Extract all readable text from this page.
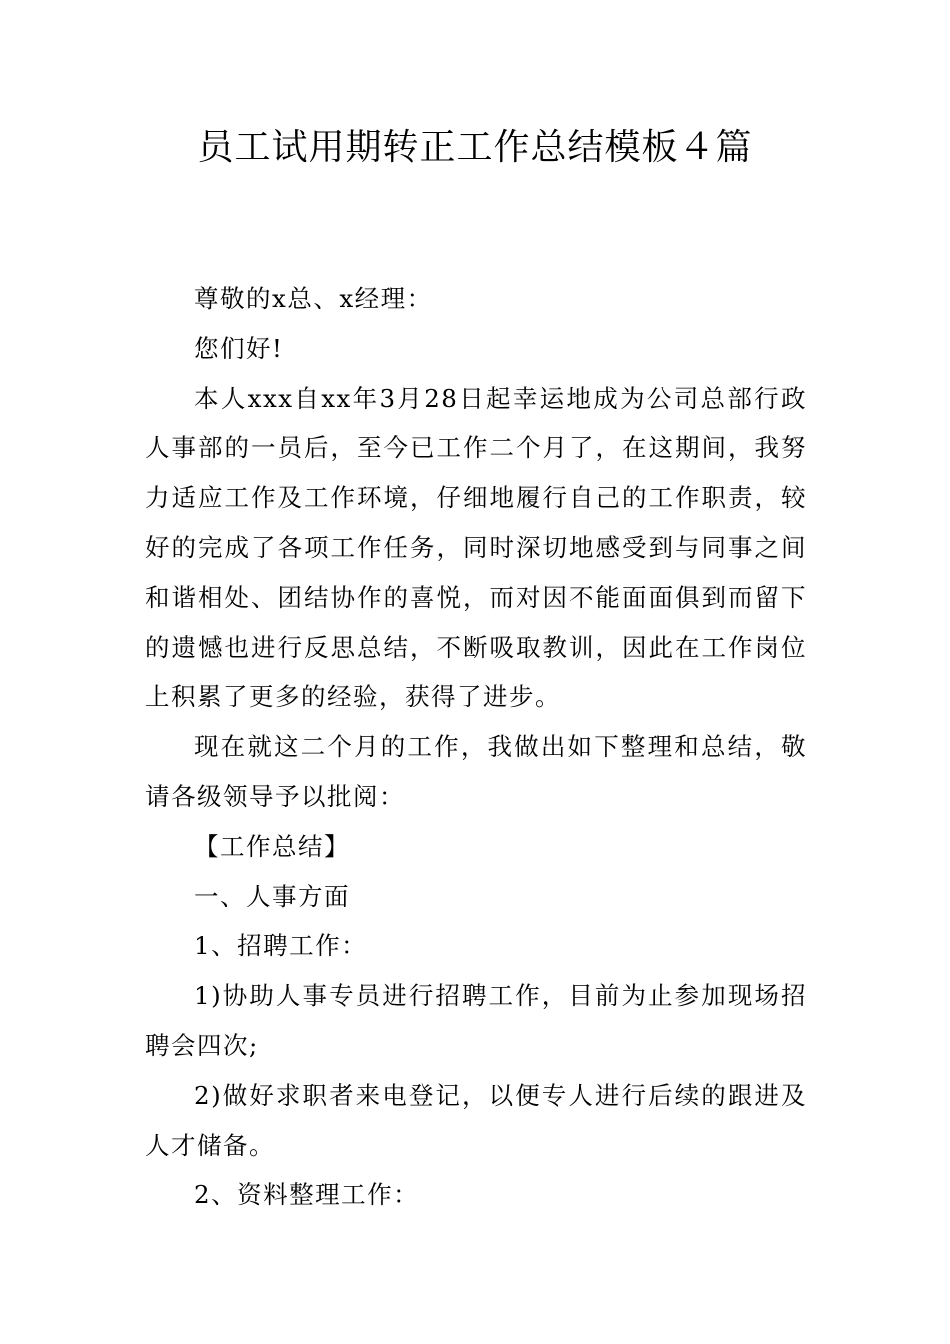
员工试用期转正工作总结模板４篇

尊敬的x总、x经理：

您们好!

本人xxx自xx年3月28日起幸运地成为公司总部行政人事部的一员后，至今已工作二个月了，在这期间，我努力适应工作及工作环境，仔细地履行自己的工作职责，较好的完成了各项工作任务，同时深切地感受到与同事之间和谐相处、团结协作的喜悦，而对因不能面面俱到而留下的遗憾也进行反思总结，不断吸取教训，因此在工作岗位上积累了更多的经验，获得了进步。

现在就这二个月的工作，我做出如下整理和总结，敬请各级领导予以批阅：

【工作总结】

一、人事方面

1、招聘工作：

1)协助人事专员进行招聘工作，目前为止参加现场招聘会四次;

2)做好求职者来电登记，以便专人进行后续的跟进及人才储备。

2、资料整理工作：
